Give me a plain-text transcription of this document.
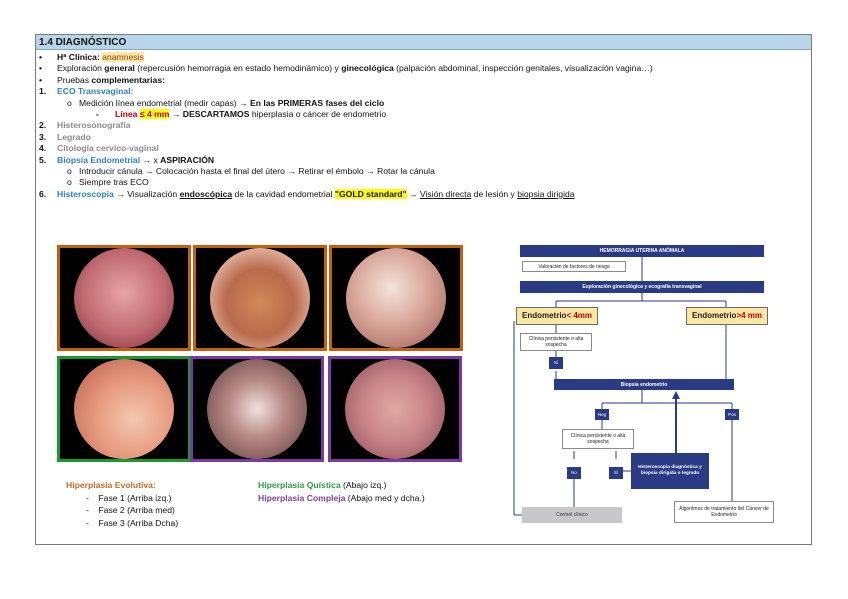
1.4 DIAGNÓSTICO
• Hª Clínica: anamnesis
• Exploración general (repercusión hemorragia en estado hemodinámico) y ginecológica (palpación abdominal, inspección genitales, visualización vagina…)
• Pruebas complementarias:
1. ECO Transvaginal:
o Medición línea endometrial (medir capas) → En las PRIMERAS fases del ciclo
- Línea ≤ 4 mm → DESCARTAMOS hiperplasia o cáncer de endometrio
2. Histerosonografía
3. Legrado
4. Citología cervico-vaginal
5. Biopsia Endometrial → x ASPIRACIÓN
o Introducir cánula → Colocación hasta el final del útero → Retirar el émbolo → Rotar la cánula
o Siempre tras ECO
6. Histeroscopia → Visualización endoscópica de la cavidad endometrial "GOLD standard" → Visión directa de lesión y biopsia dirigida
Hiperplasia Evolutiva:
-    Fase 1 (Arriba izq.)
-    Fase 2 (Arriba med)
-    Fase 3 (Arriba Dcha)
Hiperplasia Quística (Abajo izq.)
Hiperplasia Compleja (Abajo med y dcha.)
HEMORRAGIA UTERINA ANÓMALA
Valoración de factores de riesgo
Exploración ginecológica y ecografía transvaginal
Endometrio < 4mm	Endometrio >4 mm
Clínica persistente o alta sospecha
Sí
Biopsia endometrio
Neg	Pos
Clínica persistente o alta sospecha
No	Sí
Histeroscopia diagnóstica y biopsia dirigida o legrado
Control clínico
Algoritmos de tratamiento del Cáncer de Endometrio
